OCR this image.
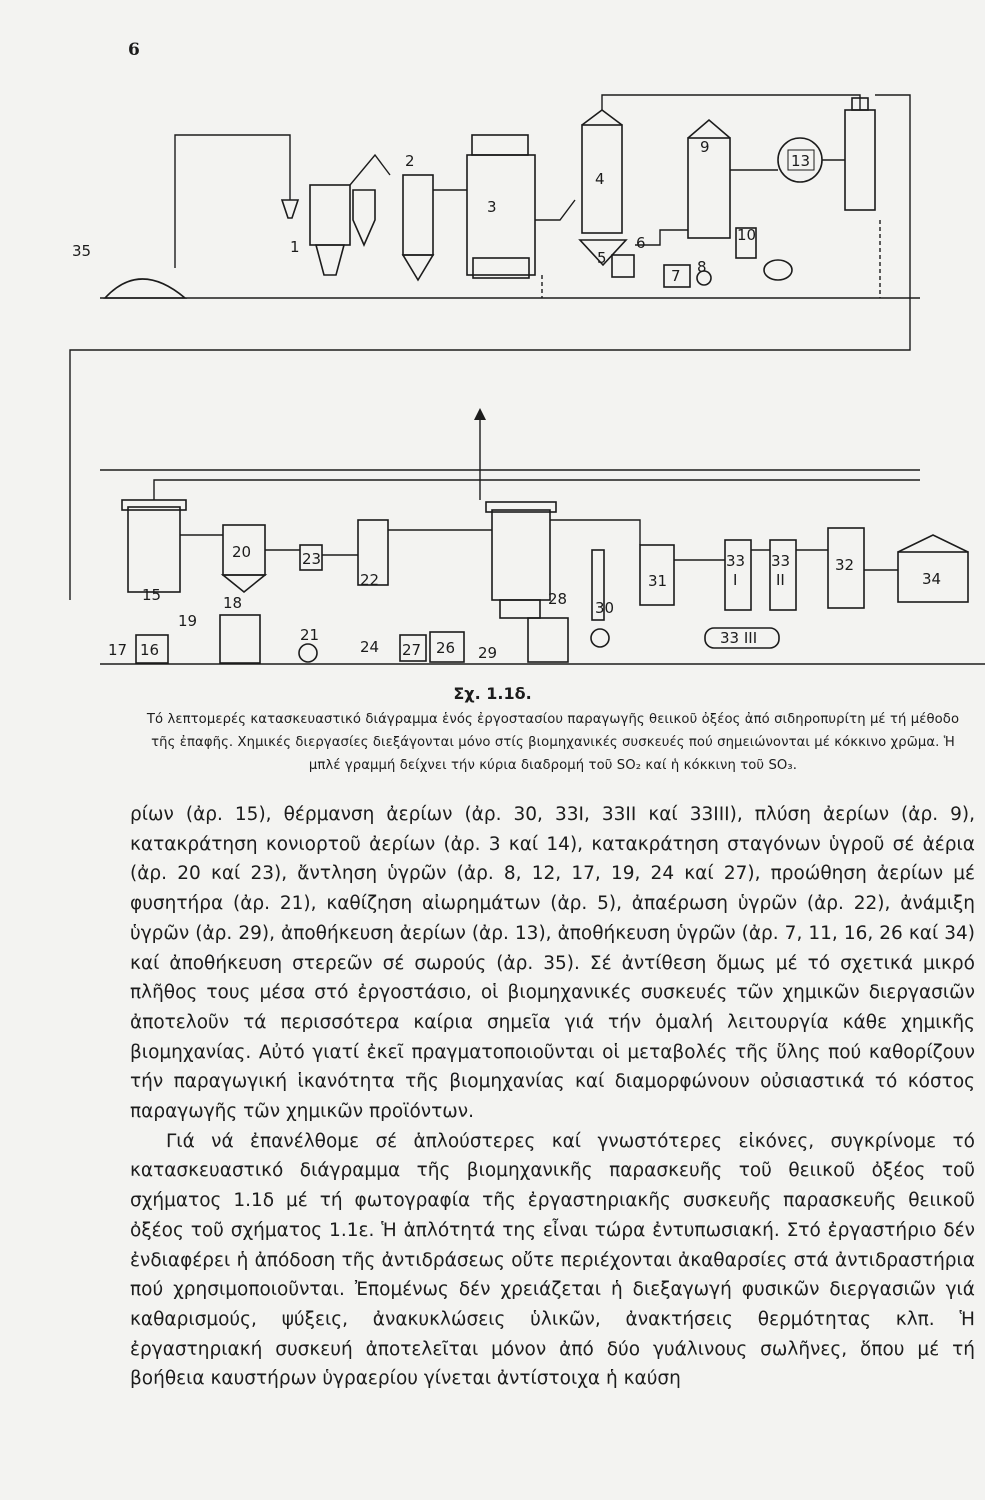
6
35	1
2
3
4
5
6
7 8
9
10
13
15
16
17
18
19
20
21
23
22
24 27 26
28
29
30
31
33
I
33
II
33 III
32
34
Σχ. 1.1δ.
Τό λεπτομερές κατασκευαστικό διάγραμμα ἑνός ἐργοστασίου παραγωγῆς θειικοῦ ὀξέος ἀπό σιδηροπυρίτη μέ τή μέθοδο τῆς ἐπαφῆς. Χημικές διεργασίες διεξάγονται μόνο στίς βιομηχανικές συσκευές πού σημειώνονται μέ κόκκινο χρῶμα. Ἡ μπλέ γραμμή δείχνει τήν κύρια διαδρομή τοῦ SO₂ καί ἡ κόκκινη τοῦ SO₃.

ρίων (ἀρ. 15), θέρμανση ἀερίων (ἀρ. 30, 33Ι, 33ΙΙ καί 33ΙΙΙ), πλύση ἀερίων (ἀρ. 9), κατακράτηση κονιορτοῦ ἀερίων (ἀρ. 3 καί 14), κατακράτηση σταγόνων ὑγροῦ σέ ἀέρια (ἀρ. 20 καί 23), ἄντληση ὑγρῶν (ἀρ. 8, 12, 17, 19, 24 καί 27), προώθηση ἀερίων μέ φυσητήρα (ἀρ. 21), καθίζηση αἰωρημάτων (ἀρ. 5), ἀπαέρωση ὑγρῶν (ἀρ. 22), ἀνάμιξη ὑγρῶν (ἀρ. 29), ἀποθήκευση ἀερίων (ἀρ. 13), ἀποθήκευση ὑγρῶν (ἀρ. 7, 11, 16, 26 καί 34) καί ἀποθήκευση στερεῶν σέ σωρούς (ἀρ. 35). Σέ ἀντίθεση ὅμως μέ τό σχετικά μικρό πλῆθος τους μέσα στό ἐργοστάσιο, οἱ βιομηχανικές συσκευές τῶν χημικῶν διεργασιῶν ἀποτελοῦν τά περισσότερα καίρια σημεῖα γιά τήν ὁμαλή λειτουργία κάθε χημικῆς βιομηχανίας. Αὐτό γιατί ἐκεῖ πραγματοποιοῦνται οἱ μεταβολές τῆς ὕλης πού καθορίζουν τήν παραγωγική ἱκανότητα τῆς βιομηχανίας καί διαμορφώνουν οὐσιαστικά τό κόστος παραγωγῆς τῶν χημικῶν προϊόντων.

Γιά νά ἐπανέλθομε σέ ἁπλούστερες καί γνωστότερες εἰκόνες, συγκρίνομε τό κατασκευαστικό διάγραμμα τῆς βιομηχανικῆς παρασκευῆς τοῦ θειικοῦ ὀξέος τοῦ σχήματος 1.1δ μέ τή φωτογραφία τῆς ἐργαστηριακῆς συσκευῆς παρασκευῆς θειικοῦ ὀξέος τοῦ σχήματος 1.1ε. Ἡ ἁπλότητά της εἶναι τώρα ἐντυπωσιακή. Στό ἐργαστήριο δέν ἐνδιαφέρει ἡ ἀπόδοση τῆς ἀντιδράσεως οὔτε περιέχονται ἀκαθαρσίες στά ἀντιδραστήρια πού χρησιμοποιοῦνται. Ἐπομένως δέν χρειάζεται ἡ διεξαγωγή φυσικῶν διεργασιῶν γιά καθαρισμούς, ψύξεις, ἀνακυκλώσεις ὑλικῶν, ἀνακτήσεις θερμότητας κλπ. Ἡ ἐργαστηριακή συσκευή ἀποτελεῖται μόνον ἀπό δύο γυάλινους σωλῆνες, ὅπου μέ τή βοήθεια καυστήρων ὑγραερίου γίνεται ἀντίστοιχα ἡ καύση
